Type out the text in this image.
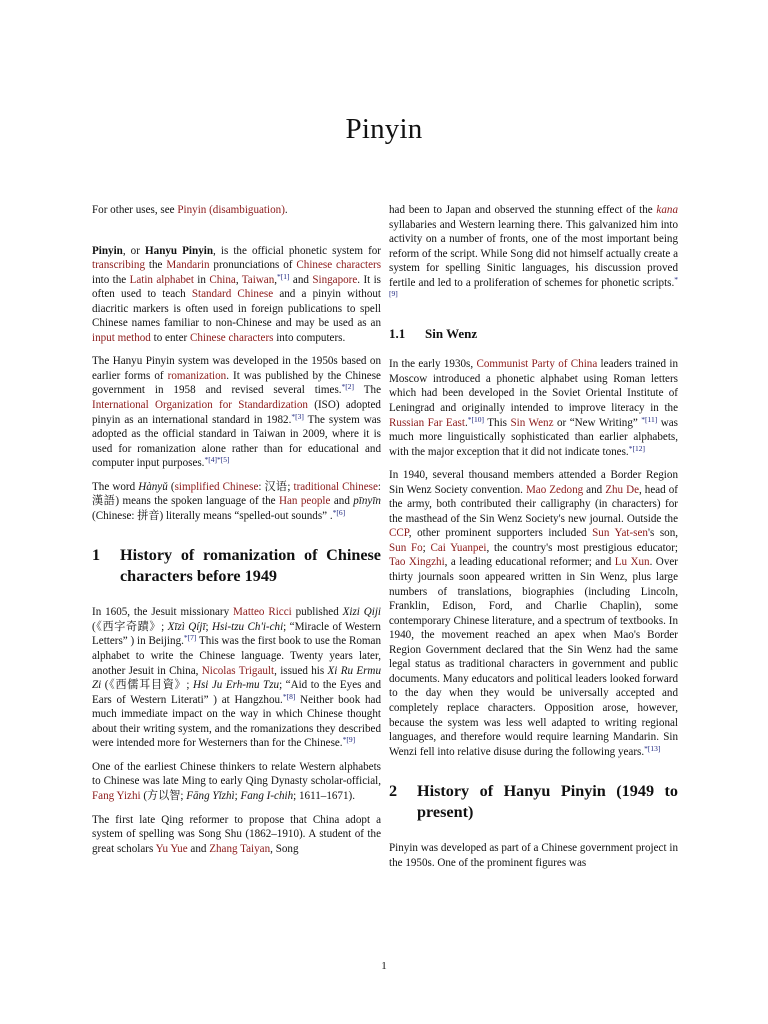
Pinyin

For other uses, see Pinyin (disambiguation).

Pinyin, or Hanyu Pinyin, is the official phonetic system for transcribing the Mandarin pronunciations of Chinese characters into the Latin alphabet in China, Taiwan,$^{*[1]}$ and Singapore. It is often used to teach Standard Chinese and a pinyin without diacritic markers is often used in foreign publications to spell Chinese names familiar to non-Chinese and may be used as an input method to enter Chinese characters into computers.

The Hanyu Pinyin system was developed in the 1950s based on earlier forms of romanization. It was published by the Chinese government in 1958 and revised several times.$^{*[2]}$ The International Organization for Standardization (ISO) adopted pinyin as an international standard in 1982.$^{*[3]}$ The system was adopted as the official standard in Taiwan in 2009, where it is used for romanization alone rather than for educational and computer input purposes.$^{*[4]*[5]}$

The word Hànyǔ (simplified Chinese: 汉语; traditional Chinese: 漢語) means the spoken language of the Han people and pīnyīn (Chinese: 拼音) literally means “spelled-out sounds” .$^{*[6]}$

1	History of romanization of Chinese characters before 1949

In 1605, the Jesuit missionary Matteo Ricci published Xizi Qiji (《西字奇蹟》; Xīzì Qíjī; Hsi-tzu Ch'i-chi; “Miracle of Western Letters” ) in Beijing.$^{*[7]}$ This was the first book to use the Roman alphabet to write the Chinese language. Twenty years later, another Jesuit in China, Nicolas Trigault, issued his Xi Ru Ermu Zi (《西儒耳目資》; Hsi Ju Erh-mu Tzu; “Aid to the Eyes and Ears of Western Literati” ) at Hangzhou.$^{*[8]}$ Neither book had much immediate impact on the way in which Chinese thought about their writing system, and the romanizations they described were intended more for Westerners than for the Chinese.$^{*[9]}$

One of the earliest Chinese thinkers to relate Western alphabets to Chinese was late Ming to early Qing Dynasty scholar-official, Fang Yizhi (方以智; Fāng Yǐzhì; Fang I-chih; 1611–1671).

The first late Qing reformer to propose that China adopt a system of spelling was Song Shu (1862–1910). A student of the great scholars Yu Yue and Zhang Taiyan, Song

had been to Japan and observed the stunning effect of the kana syllabaries and Western learning there. This galvanized him into activity on a number of fronts, one of the most important being reform of the script. While Song did not himself actually create a system for spelling Sinitic languages, his discussion proved fertile and led to a proliferation of schemes for phonetic scripts.$^{*[9]}$

1.1	Sin Wenz

In the early 1930s, Communist Party of China leaders trained in Moscow introduced a phonetic alphabet using Roman letters which had been developed in the Soviet Oriental Institute of Leningrad and originally intended to improve literacy in the Russian Far East.$^{*[10]}$ This Sin Wenz or “New Writing” $^{*[11]}$ was much more linguistically sophisticated than earlier alphabets, with the major exception that it did not indicate tones.$^{*[12]}$

In 1940, several thousand members attended a Border Region Sin Wenz Society convention. Mao Zedong and Zhu De, head of the army, both contributed their calligraphy (in characters) for the masthead of the Sin Wenz Society's new journal. Outside the CCP, other prominent supporters included Sun Yat-sen's son, Sun Fo; Cai Yuanpei, the country's most prestigious educator; Tao Xingzhi, a leading educational reformer; and Lu Xun. Over thirty journals soon appeared written in Sin Wenz, plus large numbers of translations, biographies (including Lincoln, Franklin, Edison, Ford, and Charlie Chaplin), some contemporary Chinese literature, and a spectrum of textbooks. In 1940, the movement reached an apex when Mao's Border Region Government declared that the Sin Wenz had the same legal status as traditional characters in government and public documents. Many educators and political leaders looked forward to the day when they would be universally accepted and completely replace characters. Opposition arose, however, because the system was less well adapted to writing regional languages, and therefore would require learning Mandarin. Sin Wenzi fell into relative disuse during the following years.$^{*[13]}$

2	History of Hanyu Pinyin (1949 to present)

Pinyin was developed as part of a Chinese government project in the 1950s. One of the prominent figures was

1
